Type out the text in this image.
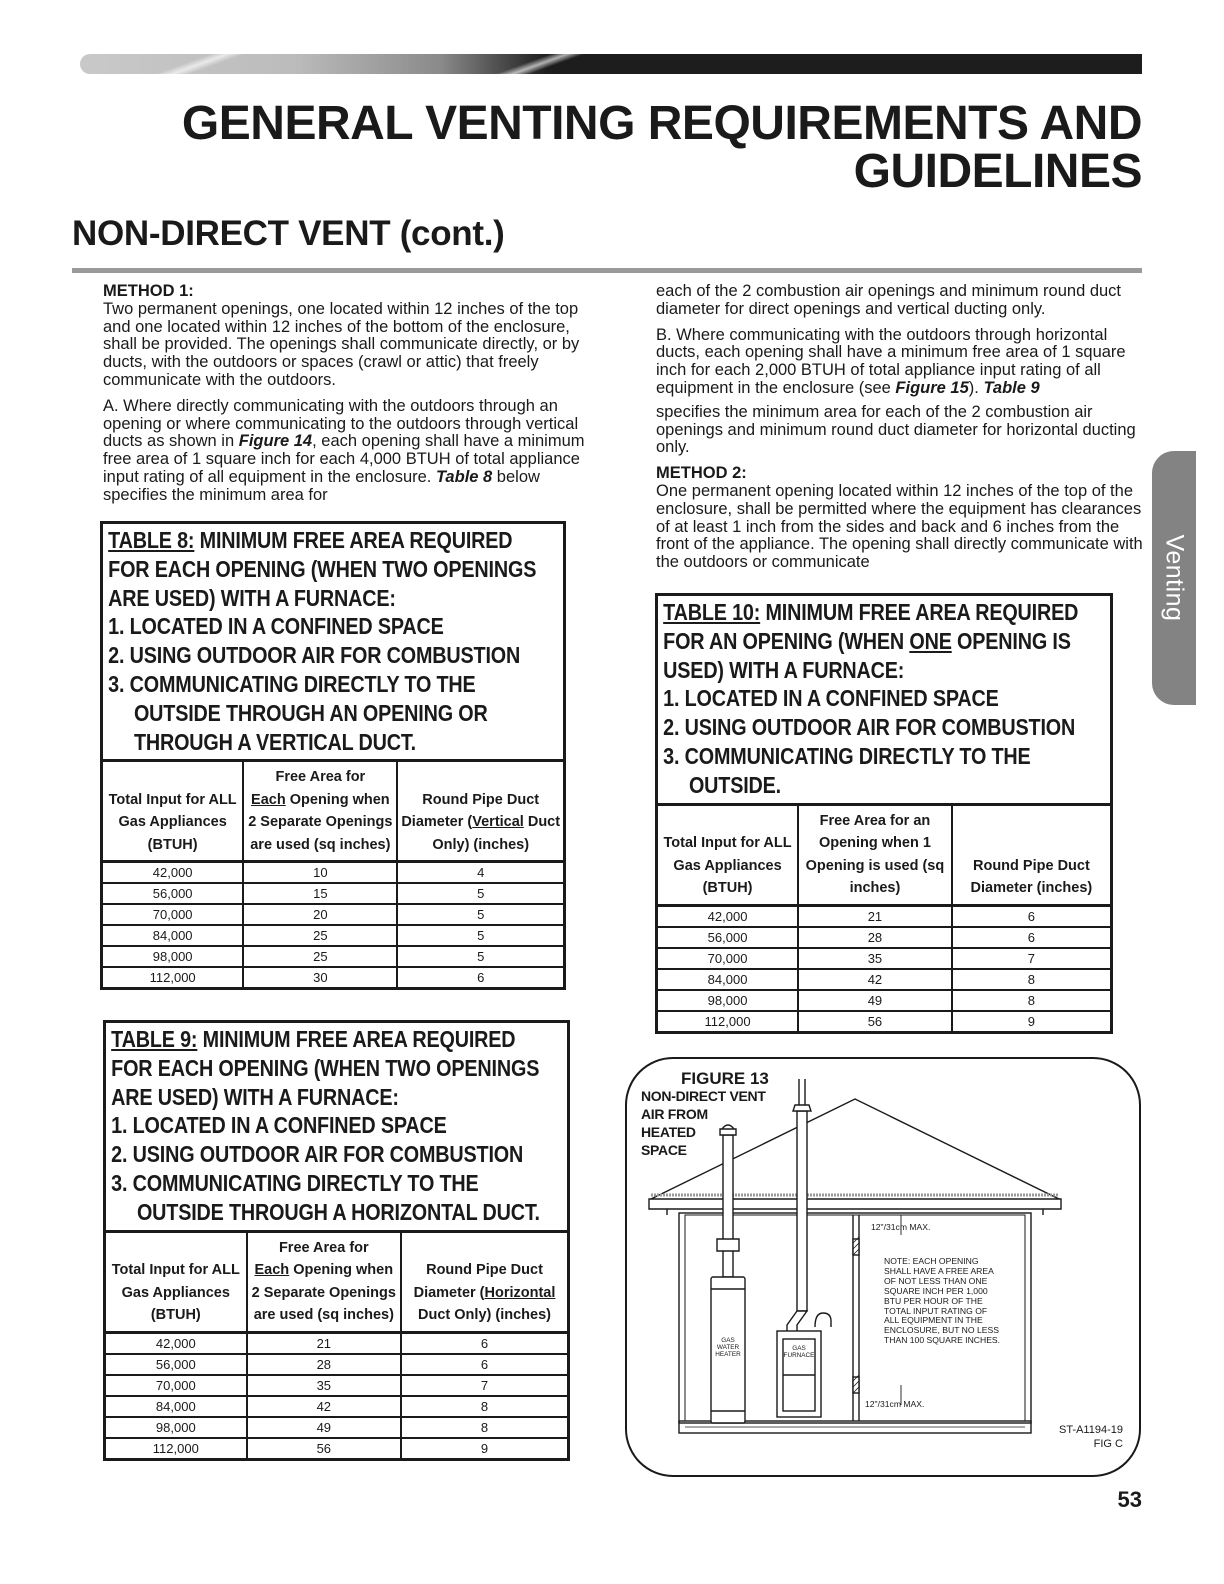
GENERAL VENTING REQUIREMENTS AND
GUIDELINES
NON-DIRECT VENT (cont.)

METHOD 1:

Two permanent openings, one located within 12 inches of the top and one located within 12 inches of the bottom of the enclosure, shall be provided. The openings shall communicate directly, or by ducts, with the outdoors or spaces (crawl or attic) that freely communicate with the outdoors.

A. Where directly communicating with the outdoors through an opening or where communicating to the outdoors through vertical ducts as shown in Figure 14, each opening shall have a minimum free area of 1 square inch for each 4,000 BTUH of total appliance input rating of all equipment in the enclosure. Table 8 below specifies the minimum area for

each of the 2 combustion air openings and minimum round duct diameter for direct openings and vertical ducting only.

B. Where communicating with the outdoors through horizontal ducts, each opening shall have a minimum free area of 1 square inch for each 2,000 BTUH of total appliance input rating of all equipment in the enclosure (see Figure 15). Table 9

specifies the minimum area for each of the 2 combustion air openings and minimum round duct diameter for horizontal ducting only.

METHOD 2:

One permanent opening located within 12 inches of the top of the enclosure, shall be permitted where the equipment has clearances of at least 1 inch from the sides and back and 6 inches from the front of the appliance. The opening shall directly communicate with the outdoors or communicate	Venting
TABLE 8: MINIMUM FREE AREA REQUIRED
FOR EACH OPENING (WHEN TWO OPENINGS
ARE USED) WITH A FURNACE:
1. LOCATED IN A CONFINED SPACE
2. USING OUTDOOR AIR FOR COMBUSTION
3. COMMUNICATING DIRECTLY TO THE
OUTSIDE THROUGH AN OPENING OR
THROUGH A VERTICAL DUCT.
Total Input for ALL Gas Appliances (BTUH)	Free Area for
Each Opening when 2 Separate Openings are used (sq inches)	Round Pipe Duct Diameter (Vertical Duct Only) (inches)
42,000	10	4
56,000	15	5
70,000	20	5
84,000	25	5
98,000	25	5
112,000	30	6
TABLE 9: MINIMUM FREE AREA REQUIRED
FOR EACH OPENING (WHEN TWO OPENINGS
ARE USED) WITH A FURNACE:
1. LOCATED IN A CONFINED SPACE
2. USING OUTDOOR AIR FOR COMBUSTION
3. COMMUNICATING DIRECTLY TO THE
OUTSIDE THROUGH A HORIZONTAL DUCT.
Total Input for ALL Gas Appliances (BTUH)	Free Area for
Each Opening when 2 Separate Openings are used (sq inches)	Round Pipe Duct Diameter (Horizontal Duct Only) (inches)
42,000	21	6
56,000	28	6
70,000	35	7
84,000	42	8
98,000	49	8
112,000	56	9
TABLE 10: MINIMUM FREE AREA REQUIRED
FOR AN OPENING (WHEN ONE OPENING IS
USED) WITH A FURNACE:
1. LOCATED IN A CONFINED SPACE
2. USING OUTDOOR AIR FOR COMBUSTION
3. COMMUNICATING DIRECTLY TO THE
OUTSIDE.
Total Input for ALL Gas Appliances (BTUH)	Free Area for an Opening when 1 Opening is used (sq inches)	Round Pipe Duct Diameter (inches)
42,000	21	6
56,000	28	6
70,000	35	7
84,000	42	8
98,000	49	8
112,000	56	9
FIGURE 13
NON-DIRECT VENT
AIR FROM
HEATED
SPACE
12"/31cm MAX.
12"/31cm MAX.
NOTE: EACH OPENING SHALL HAVE A FREE AREA OF NOT LESS THAN ONE SQUARE INCH PER 1,000 BTU PER HOUR OF THE TOTAL INPUT RATING OF ALL EQUIPMENT IN THE ENCLOSURE, BUT NO LESS THAN 100 SQUARE INCHES.
GAS WATER HEATER
GAS FURNACE
ST-A1194-19
FIG C
53
